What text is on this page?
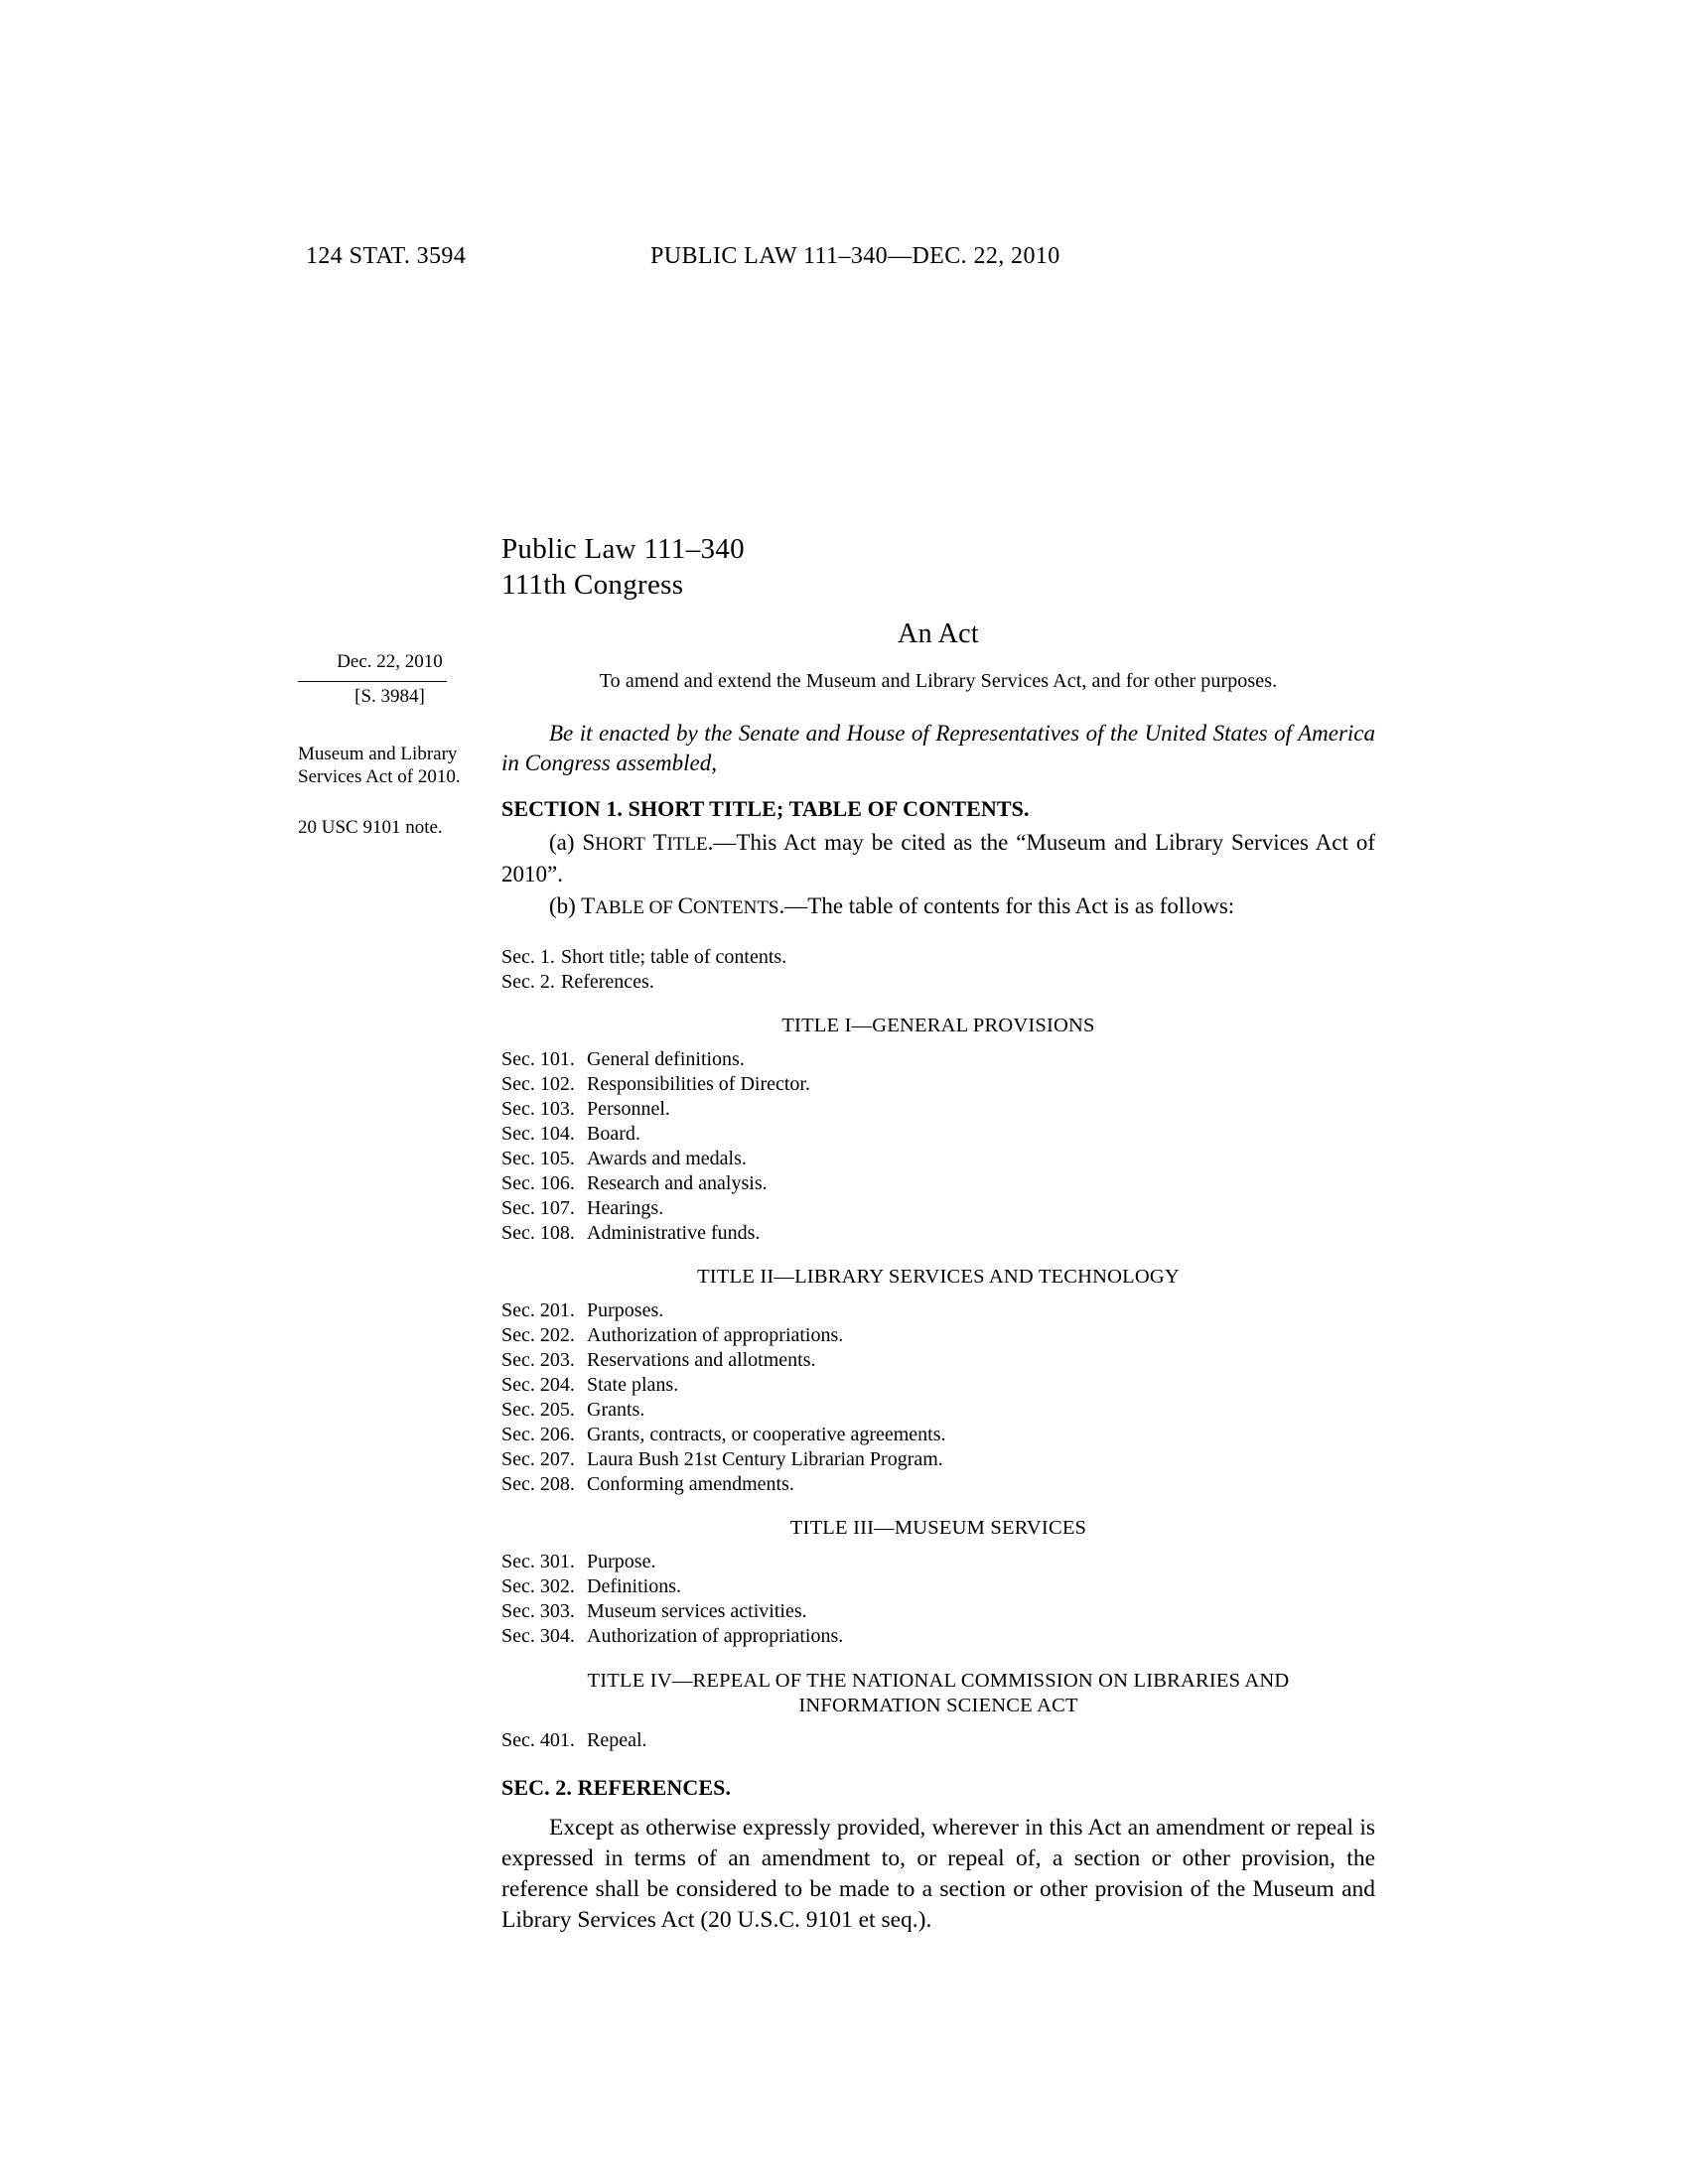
124 STAT. 3594	PUBLIC LAW 111–340—DEC. 22, 2010
Dec. 22, 2010
[S. 3984]
Museum and Library Services Act of 2010.
20 USC 9101 note.
Public Law 111–340
111th Congress
An Act
To amend and extend the Museum and Library Services Act, and for other purposes.
Be it enacted by the Senate and House of Representatives of the United States of America in Congress assembled,
SECTION 1. SHORT TITLE; TABLE OF CONTENTS.
(a) SHORT TITLE.—This Act may be cited as the “Museum and Library Services Act of 2010”.
(b) TABLE OF CONTENTS.—The table of contents for this Act is as follows:
Sec. 1. Short title; table of contents.
Sec. 2. References.
TITLE I—GENERAL PROVISIONS
Sec. 101. General definitions.
Sec. 102. Responsibilities of Director.
Sec. 103. Personnel.
Sec. 104. Board.
Sec. 105. Awards and medals.
Sec. 106. Research and analysis.
Sec. 107. Hearings.
Sec. 108. Administrative funds.
TITLE II—LIBRARY SERVICES AND TECHNOLOGY
Sec. 201. Purposes.
Sec. 202. Authorization of appropriations.
Sec. 203. Reservations and allotments.
Sec. 204. State plans.
Sec. 205. Grants.
Sec. 206. Grants, contracts, or cooperative agreements.
Sec. 207. Laura Bush 21st Century Librarian Program.
Sec. 208. Conforming amendments.
TITLE III—MUSEUM SERVICES
Sec. 301. Purpose.
Sec. 302. Definitions.
Sec. 303. Museum services activities.
Sec. 304. Authorization of appropriations.
TITLE IV—REPEAL OF THE NATIONAL COMMISSION ON LIBRARIES AND
INFORMATION SCIENCE ACT
Sec. 401. Repeal.
SEC. 2. REFERENCES.
Except as otherwise expressly provided, wherever in this Act an amendment or repeal is expressed in terms of an amendment to, or repeal of, a section or other provision, the reference shall be considered to be made to a section or other provision of the Museum and Library Services Act (20 U.S.C. 9101 et seq.).
